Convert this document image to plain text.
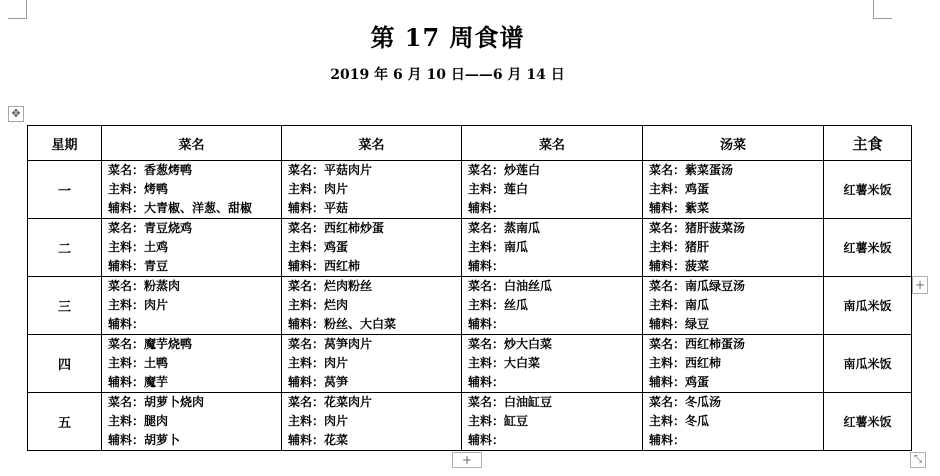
第 17 周食谱
2019 年 6 月 10 日——6 月 14 日
✥
星期	菜名	菜名	菜名	汤菜	主食
一	菜名：香葱烤鸭
主料：烤鸭
辅料：大青椒、洋葱、甜椒	菜名：平菇肉片
主料：肉片
辅料：平菇	菜名：炒莲白
主料：莲白
辅料：	菜名：紫菜蛋汤
主料：鸡蛋
辅料：紫菜	红薯米饭
二	菜名：青豆烧鸡
主料：土鸡
辅料：青豆	菜名：西红柿炒蛋
主料：鸡蛋
辅料：西红柿	菜名：蒸南瓜
主料：南瓜
辅料：	菜名：猪肝菠菜汤
主料：猪肝
辅料：菠菜	红薯米饭
三	菜名：粉蒸肉
主料：肉片
辅料：	菜名：烂肉粉丝
主料：烂肉
辅料：粉丝、大白菜	菜名：白油丝瓜
主料：丝瓜
辅料：	菜名：南瓜绿豆汤
主料：南瓜
辅料：绿豆	南瓜米饭
四	菜名：魔芋烧鸭
主料：土鸭
辅料：魔芋	菜名：莴笋肉片
主料：肉片
辅料：莴笋	菜名：炒大白菜
主料：大白菜
辅料：	菜名：西红柿蛋汤
主料：西红柿
辅料：鸡蛋	南瓜米饭
五	菜名：胡萝卜烧肉
主料：腿肉
辅料：胡萝卜	菜名：花菜肉片
主料：肉片
辅料：花菜	菜名：白油缸豆
主料：缸豆
辅料：	菜名：冬瓜汤
主料：冬瓜
辅料：	红薯米饭
+
+	⤡
